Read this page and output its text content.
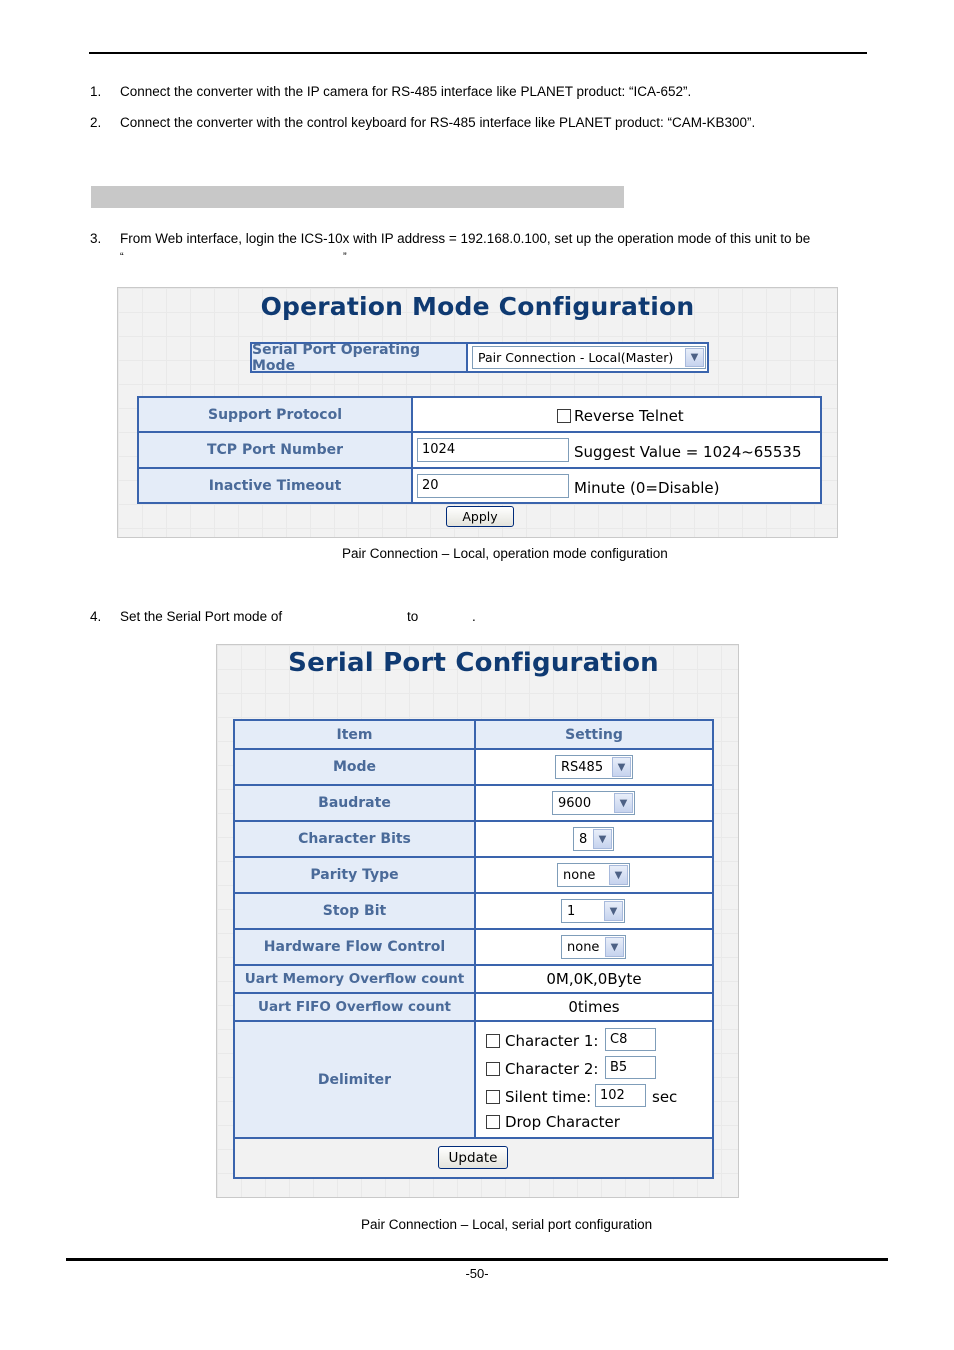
1.	Connect the converter with the IP camera for RS-485 interface like PLANET product: “ICA-652”.
2.	Connect the converter with the control keyboard for RS-485 interface like PLANET product: “CAM-KB300”.
3.	From Web interface, login the ICS-10x with IP address = 192.168.0.100, set up the operation mode of this unit to be
“	”
Operation Mode Configuration
Serial Port Operating Mode	Pair Connection - Local(Master)	▼
Support Protocol	Reverse Telnet
TCP Port Number	1024	Suggest Value = 1024~65535
Inactive Timeout	20	Minute (0=Disable)
Apply
Pair Connection – Local, operation mode configuration
4.	Set the Serial Port mode of	to	.
Serial Port Configuration
Item	Setting
Mode	RS485	▼
Baudrate	9600	▼
Character Bits	8	▼
Parity Type	none	▼
Stop Bit	1	▼
Hardware Flow Control	none	▼
Uart Memory Overflow count	0M,0K,0Byte
Uart FIFO Overflow count	0times
Delimiter
Character 1: C8
Character 2: B5
Silent time: 102	sec
Drop Character
Update
Pair Connection – Local, serial port configuration
-50-
